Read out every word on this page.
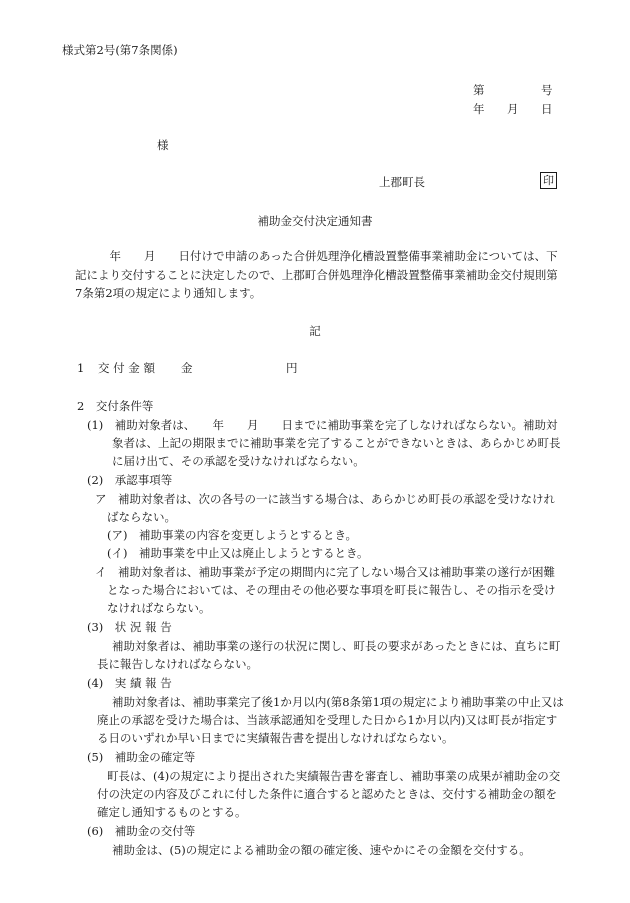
様式第2号(第7条関係)
第	号
年 月 日
様
上郡町長	印
補助金交付決定通知書
　　　年　　月　　日付けで申請のあった合併処理浄化槽設置整備事業補助金については、下
記により交付することに決定したので、上郡町合併処理浄化槽設置整備事業補助金交付規則第
7条第2項の規定により通知します。
記
1 交 付 金 額 金	円
2　交付条件等
(1)　補助対象者は、　　年　　月　　日までに補助事業を完了しなければならない。補助対
象者は、上記の期限までに補助事業を完了することができないときは、あらかじめ町長
に届け出て、その承認を受けなければならない。
(2)　承認事項等
ア　補助対象者は、次の各号の一に該当する場合は、あらかじめ町長の承認を受けなけれ
ばならない。
(ア)　補助事業の内容を変更しようとするとき。
(イ)　補助事業を中止又は廃止しようとするとき。
イ　補助対象者は、補助事業が予定の期間内に完了しない場合又は補助事業の遂行が困難
となった場合においては、その理由その他必要な事項を町長に報告し、その指示を受け
なければならない。
(3)　状 況 報 告
補助対象者は、補助事業の遂行の状況に関し、町長の要求があったときには、直ちに町
長に報告しなければならない。
(4)　実 績 報 告
補助対象者は、補助事業完了後1か月以内(第8条第1項の規定により補助事業の中止又は
廃止の承認を受けた場合は、当該承認通知を受理した日から1か月以内)又は町長が指定す
る日のいずれか早い日までに実績報告書を提出しなければならない。
(5)　補助金の確定等
町長は、(4)の規定により提出された実績報告書を審査し、補助事業の成果が補助金の交
付の決定の内容及びこれに付した条件に適合すると認めたときは、交付する補助金の額を
確定し通知するものとする。
(6)　補助金の交付等
補助金は、(5)の規定による補助金の額の確定後、速やかにその金額を交付する。
